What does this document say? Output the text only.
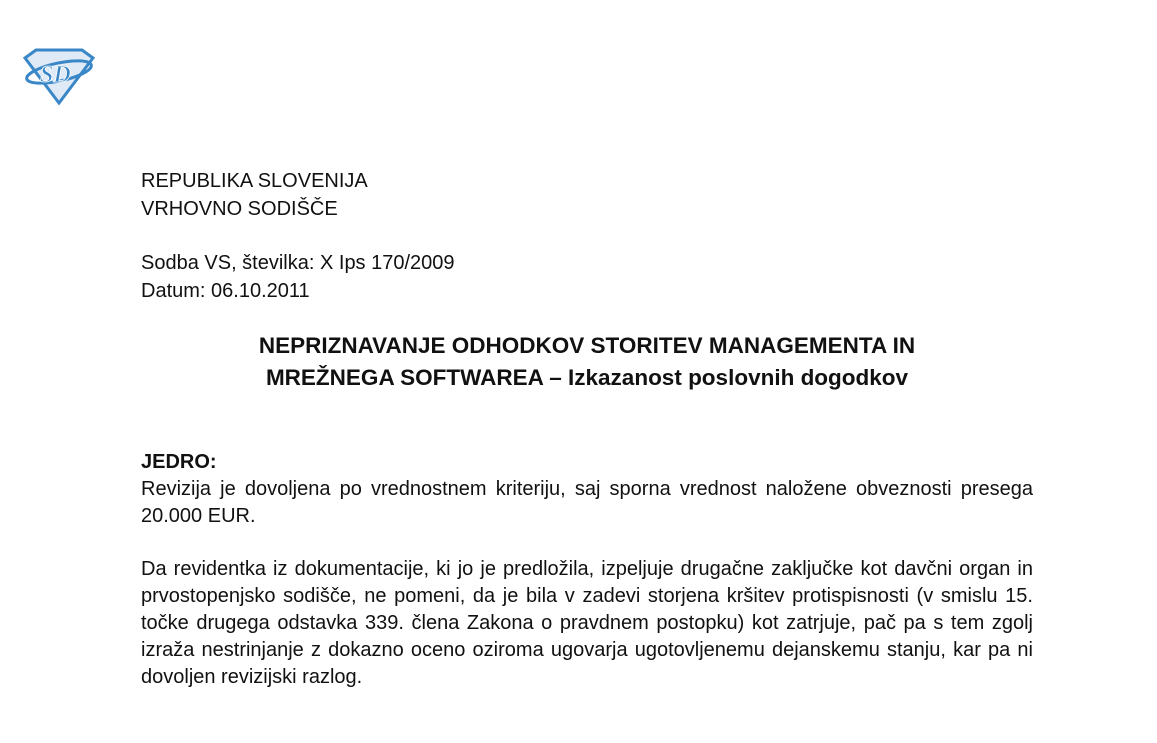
SD
REPUBLIKA SLOVENIJA
VRHOVNO SODIŠČE
Sodba VS, številka: X Ips 170/2009
Datum: 06.10.2011
NEPRIZNAVANJE ODHODKOV STORITEV MANAGEMENTA IN
MREŽNEGA SOFTWAREA – Izkazanost poslovnih dogodkov
JEDRO:

Revizija je dovoljena po vrednostnem kriteriju, saj sporna vrednost naložene obveznosti presega 20.000 EUR.

Da revidentka iz dokumentacije, ki jo je predložila, izpeljuje drugačne zaključke kot davčni organ in prvostopenjsko sodišče, ne pomeni, da je bila v zadevi storjena kršitev protispisnosti (v smislu 15. točke drugega odstavka 339. člena Zakona o pravdnem postopku) kot zatrjuje, pač pa s tem zgolj izraža nestrinjanje z dokazno oceno oziroma ugovarja ugotovljenemu dejanskemu stanju, kar pa ni dovoljen revizijski razlog.
